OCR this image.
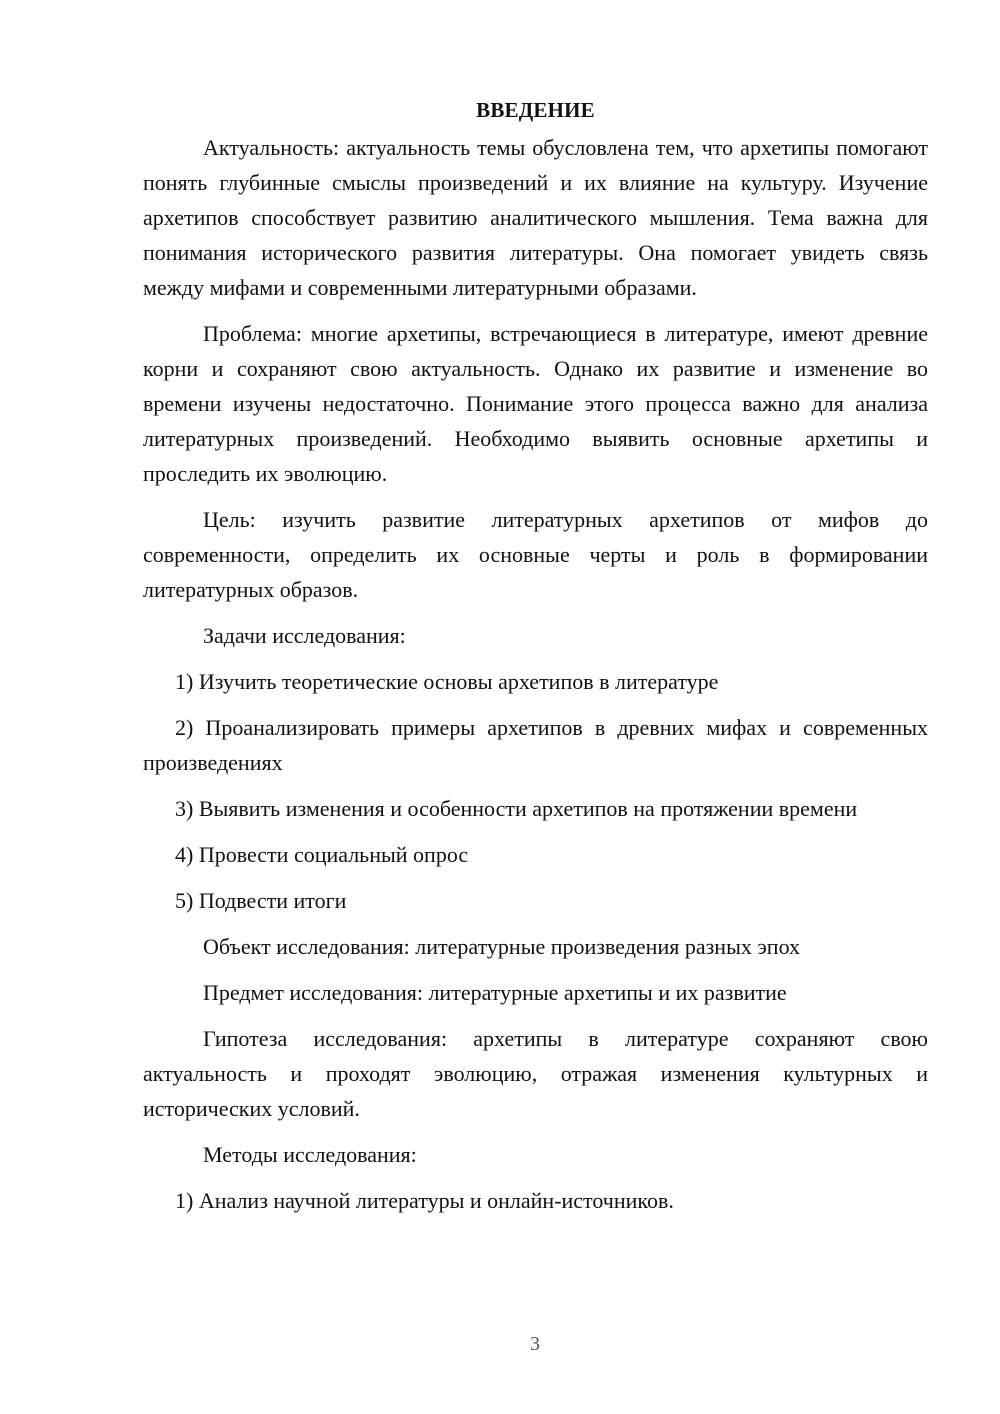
ВВЕДЕНИЕ

Актуальность: актуальность темы обусловлена тем, что архетипы помогают понять глубинные смыслы произведений и их влияние на культуру. Изучение архетипов способствует развитию аналитического мышления. Тема важна для понимания исторического развития литературы. Она помогает увидеть связь между мифами и современными литературными образами.

Проблема: многие архетипы, встречающиеся в литературе, имеют древние корни и сохраняют свою актуальность. Однако их развитие и изменение во времени изучены недостаточно. Понимание этого процесса важно для анализа литературных произведений. Необходимо выявить основные архетипы и проследить их эволюцию.

Цель: изучить развитие литературных архетипов от мифов до современности, определить их основные черты и роль в формировании литературных образов.

Задачи исследования:

1) Изучить теоретические основы архетипов в литературе

2) Проанализировать примеры архетипов в древних мифах и современных произведениях

3) Выявить изменения и особенности архетипов на протяжении времени

4) Провести социальный опрос

5) Подвести итоги

Объект исследования: литературные произведения разных эпох

Предмет исследования: литературные архетипы и их развитие

Гипотеза исследования: архетипы в литературе сохраняют свою актуальность и проходят эволюцию, отражая изменения культурных и исторических условий.

Методы исследования:

1) Анализ научной литературы и онлайн-источников.

3
